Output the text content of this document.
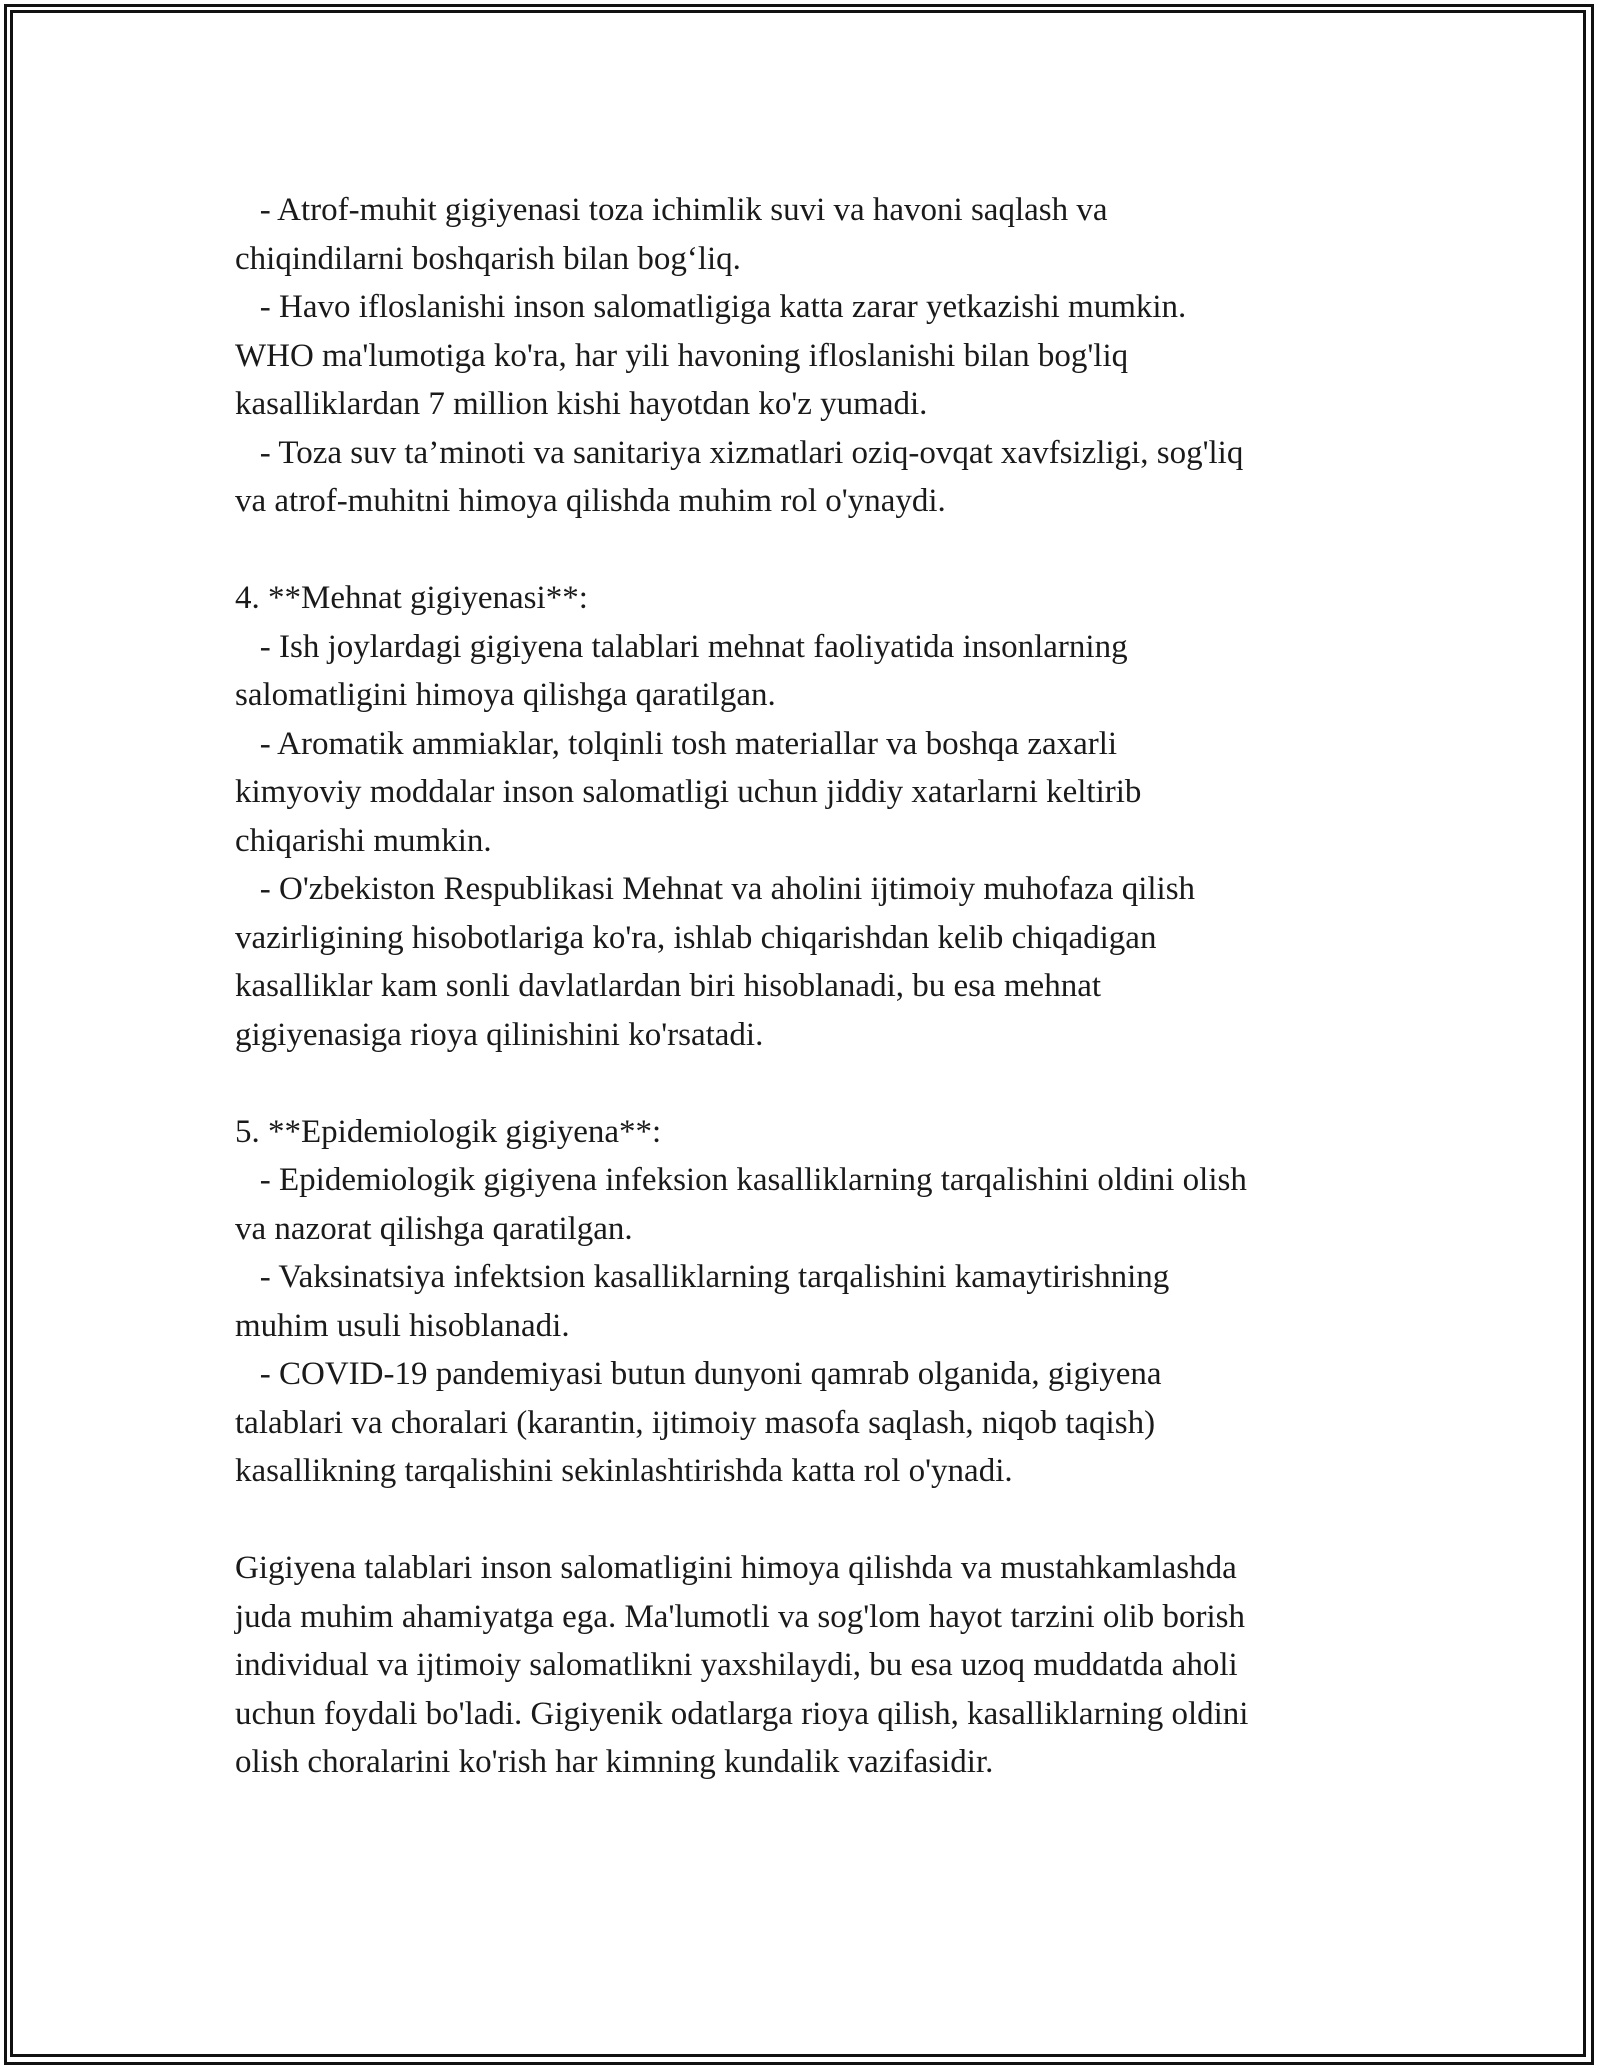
- Atrof-muhit gigiyenasi toza ichimlik suvi va havoni saqlash va
chiqindilarni boshqarish bilan bog‘liq.
- Havo ifloslanishi inson salomatligiga katta zarar yetkazishi mumkin.
WHO ma'lumotiga ko'ra, har yili havoning ifloslanishi bilan bog'liq
kasalliklardan 7 million kishi hayotdan ko'z yumadi.
- Toza suv ta’minoti va sanitariya xizmatlari oziq-ovqat xavfsizligi, sog'liq
va atrof-muhitni himoya qilishda muhim rol o'ynaydi.
4. **Mehnat gigiyenasi**:
- Ish joylardagi gigiyena talablari mehnat faoliyatida insonlarning
salomatligini himoya qilishga qaratilgan.
- Aromatik ammiaklar, tolqinli tosh materiallar va boshqa zaxarli
kimyoviy moddalar inson salomatligi uchun jiddiy xatarlarni keltirib
chiqarishi mumkin.
- O'zbekiston Respublikasi Mehnat va aholini ijtimoiy muhofaza qilish
vazirligining hisobotlariga ko'ra, ishlab chiqarishdan kelib chiqadigan
kasalliklar kam sonli davlatlardan biri hisoblanadi, bu esa mehnat
gigiyenasiga rioya qilinishini ko'rsatadi.
5. **Epidemiologik gigiyena**:
- Epidemiologik gigiyena infeksion kasalliklarning tarqalishini oldini olish
va nazorat qilishga qaratilgan.
- Vaksinatsiya infektsion kasalliklarning tarqalishini kamaytirishning
muhim usuli hisoblanadi.
- COVID-19 pandemiyasi butun dunyoni qamrab olganida, gigiyena
talablari va choralari (karantin, ijtimoiy masofa saqlash, niqob taqish)
kasallikning tarqalishini sekinlashtirishda katta rol o'ynadi.
Gigiyena talablari inson salomatligini himoya qilishda va mustahkamlashda
juda muhim ahamiyatga ega. Ma'lumotli va sog'lom hayot tarzini olib borish
individual va ijtimoiy salomatlikni yaxshilaydi, bu esa uzoq muddatda aholi
uchun foydali bo'ladi. Gigiyenik odatlarga rioya qilish, kasalliklarning oldini
olish choralarini ko'rish har kimning kundalik vazifasidir.
